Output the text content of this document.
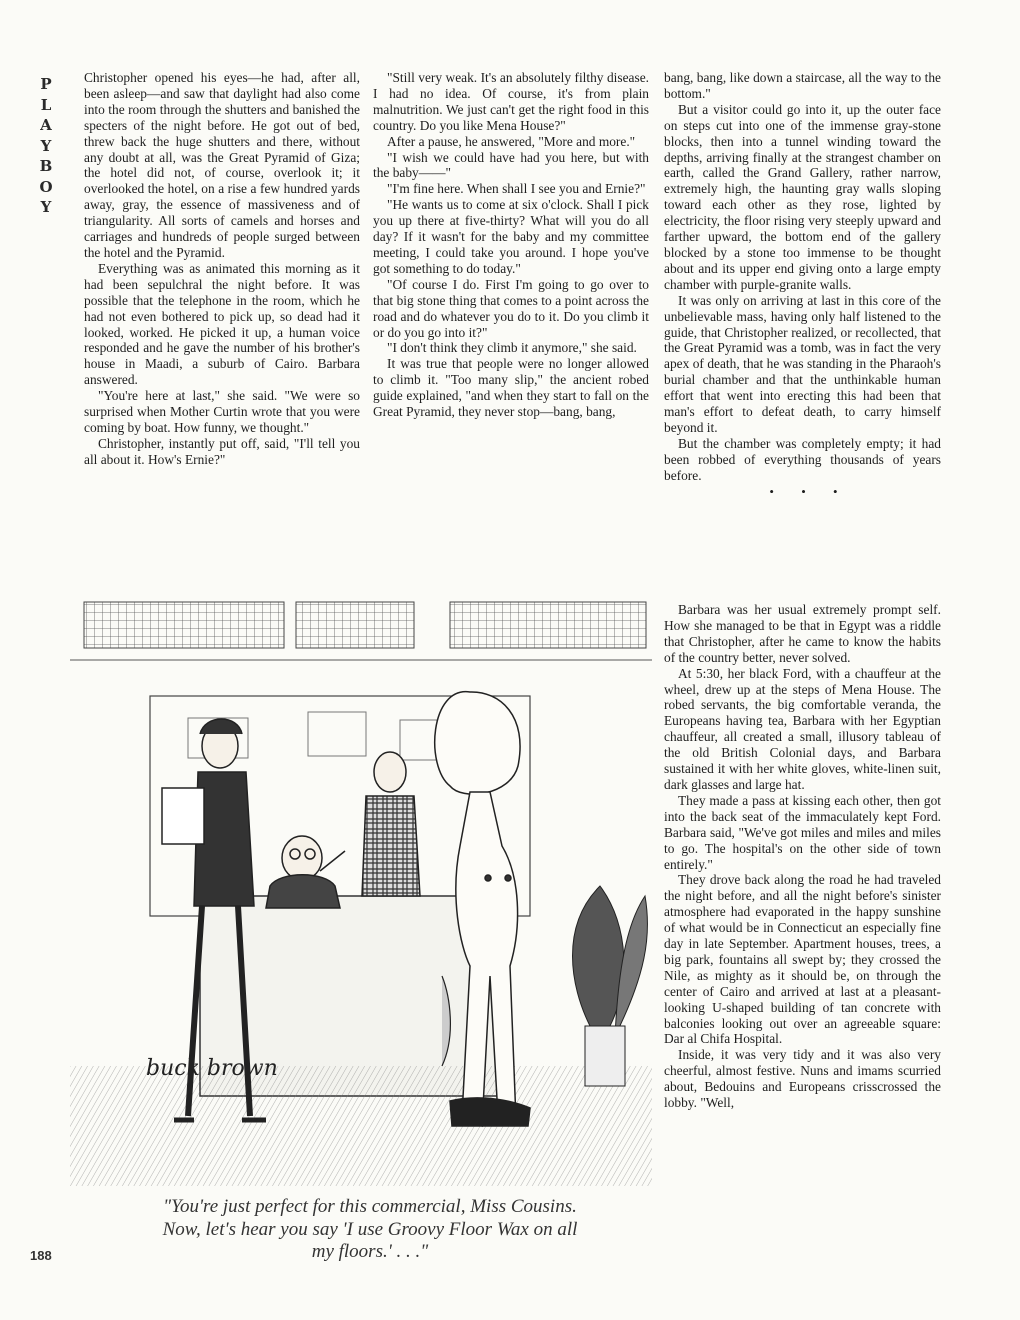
P
L
A
Y
B
O
Y

Christopher opened his eyes—he had, after all, been asleep—and saw that daylight had also come into the room through the shutters and banished the specters of the night before. He got out of bed, threw back the huge shutters and there, without any doubt at all, was the Great Pyramid of Giza; the hotel did not, of course, overlook it; it overlooked the hotel, on a rise a few hundred yards away, gray, the essence of massiveness and of triangularity. All sorts of camels and horses and carriages and hundreds of people surged between the hotel and the Pyramid.

Everything was as animated this morning as it had been sepulchral the night before. It was possible that the telephone in the room, which he had not even bothered to pick up, so dead had it looked, worked. He picked it up, a human voice responded and he gave the number of his brother's house in Maadi, a suburb of Cairo. Barbara answered.

"You're here at last," she said. "We were so surprised when Mother Curtin wrote that you were coming by boat. How funny, we thought."

Christopher, instantly put off, said, "I'll tell you all about it. How's Ernie?"

"Still very weak. It's an absolutely filthy disease. I had no idea. Of course, it's from plain malnutrition. We just can't get the right food in this country. Do you like Mena House?"

After a pause, he answered, "More and more."

"I wish we could have had you here, but with the baby——"

"I'm fine here. When shall I see you and Ernie?"

"He wants us to come at six o'clock. Shall I pick you up there at five-thirty? What will you do all day? If it wasn't for the baby and my committee meeting, I could take you around. I hope you've got something to do today."

"Of course I do. First I'm going to go over to that big stone thing that comes to a point across the road and do whatever you do to it. Do you climb it or do you go into it?"

"I don't think they climb it anymore," she said.

It was true that people were no longer allowed to climb it. "Too many slip," the ancient robed guide explained, "and when they start to fall on the Great Pyramid, they never stop—bang, bang,

bang, bang, like down a staircase, all the way to the bottom."

But a visitor could go into it, up the outer face on steps cut into one of the immense gray-stone blocks, then into a tunnel winding toward the depths, arriving finally at the strangest chamber on earth, called the Grand Gallery, rather narrow, extremely high, the haunting gray walls sloping toward each other as they rose, lighted by electricity, the floor rising very steeply upward and farther upward, the bottom end of the gallery blocked by a stone too immense to be thought about and its upper end giving onto a large empty chamber with purple-granite walls.

It was only on arriving at last in this core of the unbelievable mass, having only half listened to the guide, that Christopher realized, or recollected, that the Great Pyramid was a tomb, was in fact the very apex of death, that he was standing in the Pharaoh's burial chamber and that the unthinkable human effort that went into erecting this had been that man's effort to defeat death, to carry himself beyond it.

But the chamber was completely empty; it had been robbed of everything thousands of years before.

• • •

Barbara was her usual extremely prompt self. How she managed to be that in Egypt was a riddle that Christopher, after he came to know the habits of the country better, never solved.

At 5:30, her black Ford, with a chauffeur at the wheel, drew up at the steps of Mena House. The robed servants, the big comfortable veranda, the Europeans having tea, Barbara with her Egyptian chauffeur, all created a small, illusory tableau of the old British Colonial days, and Barbara sustained it with her white gloves, white-linen suit, dark glasses and large hat.

They made a pass at kissing each other, then got into the back seat of the immaculately kept Ford. Barbara said, "We've got miles and miles and miles to go. The hospital's on the other side of town entirely."

They drove back along the road he had traveled the night before, and all the night before's sinister atmosphere had evaporated in the happy sunshine of what would be in Connecticut an especially fine day in late September. Apartment houses, trees, a big park, fountains all swept by; they crossed the Nile, as mighty as it should be, on through the center of Cairo and arrived at last at a pleasant-looking U-shaped building of tan concrete with balconies looking out over an agreeable square: Dar al Chifa Hospital.

Inside, it was very tidy and it was also very cheerful, almost festive. Nuns and imams scurried about, Bedouins and Europeans crisscrossed the lobby. "Well,

buck brown
"You're just perfect for this commercial, Miss Cousins. Now, let's hear you say 'I use Groovy Floor Wax on all my floors.' . . ."
188
